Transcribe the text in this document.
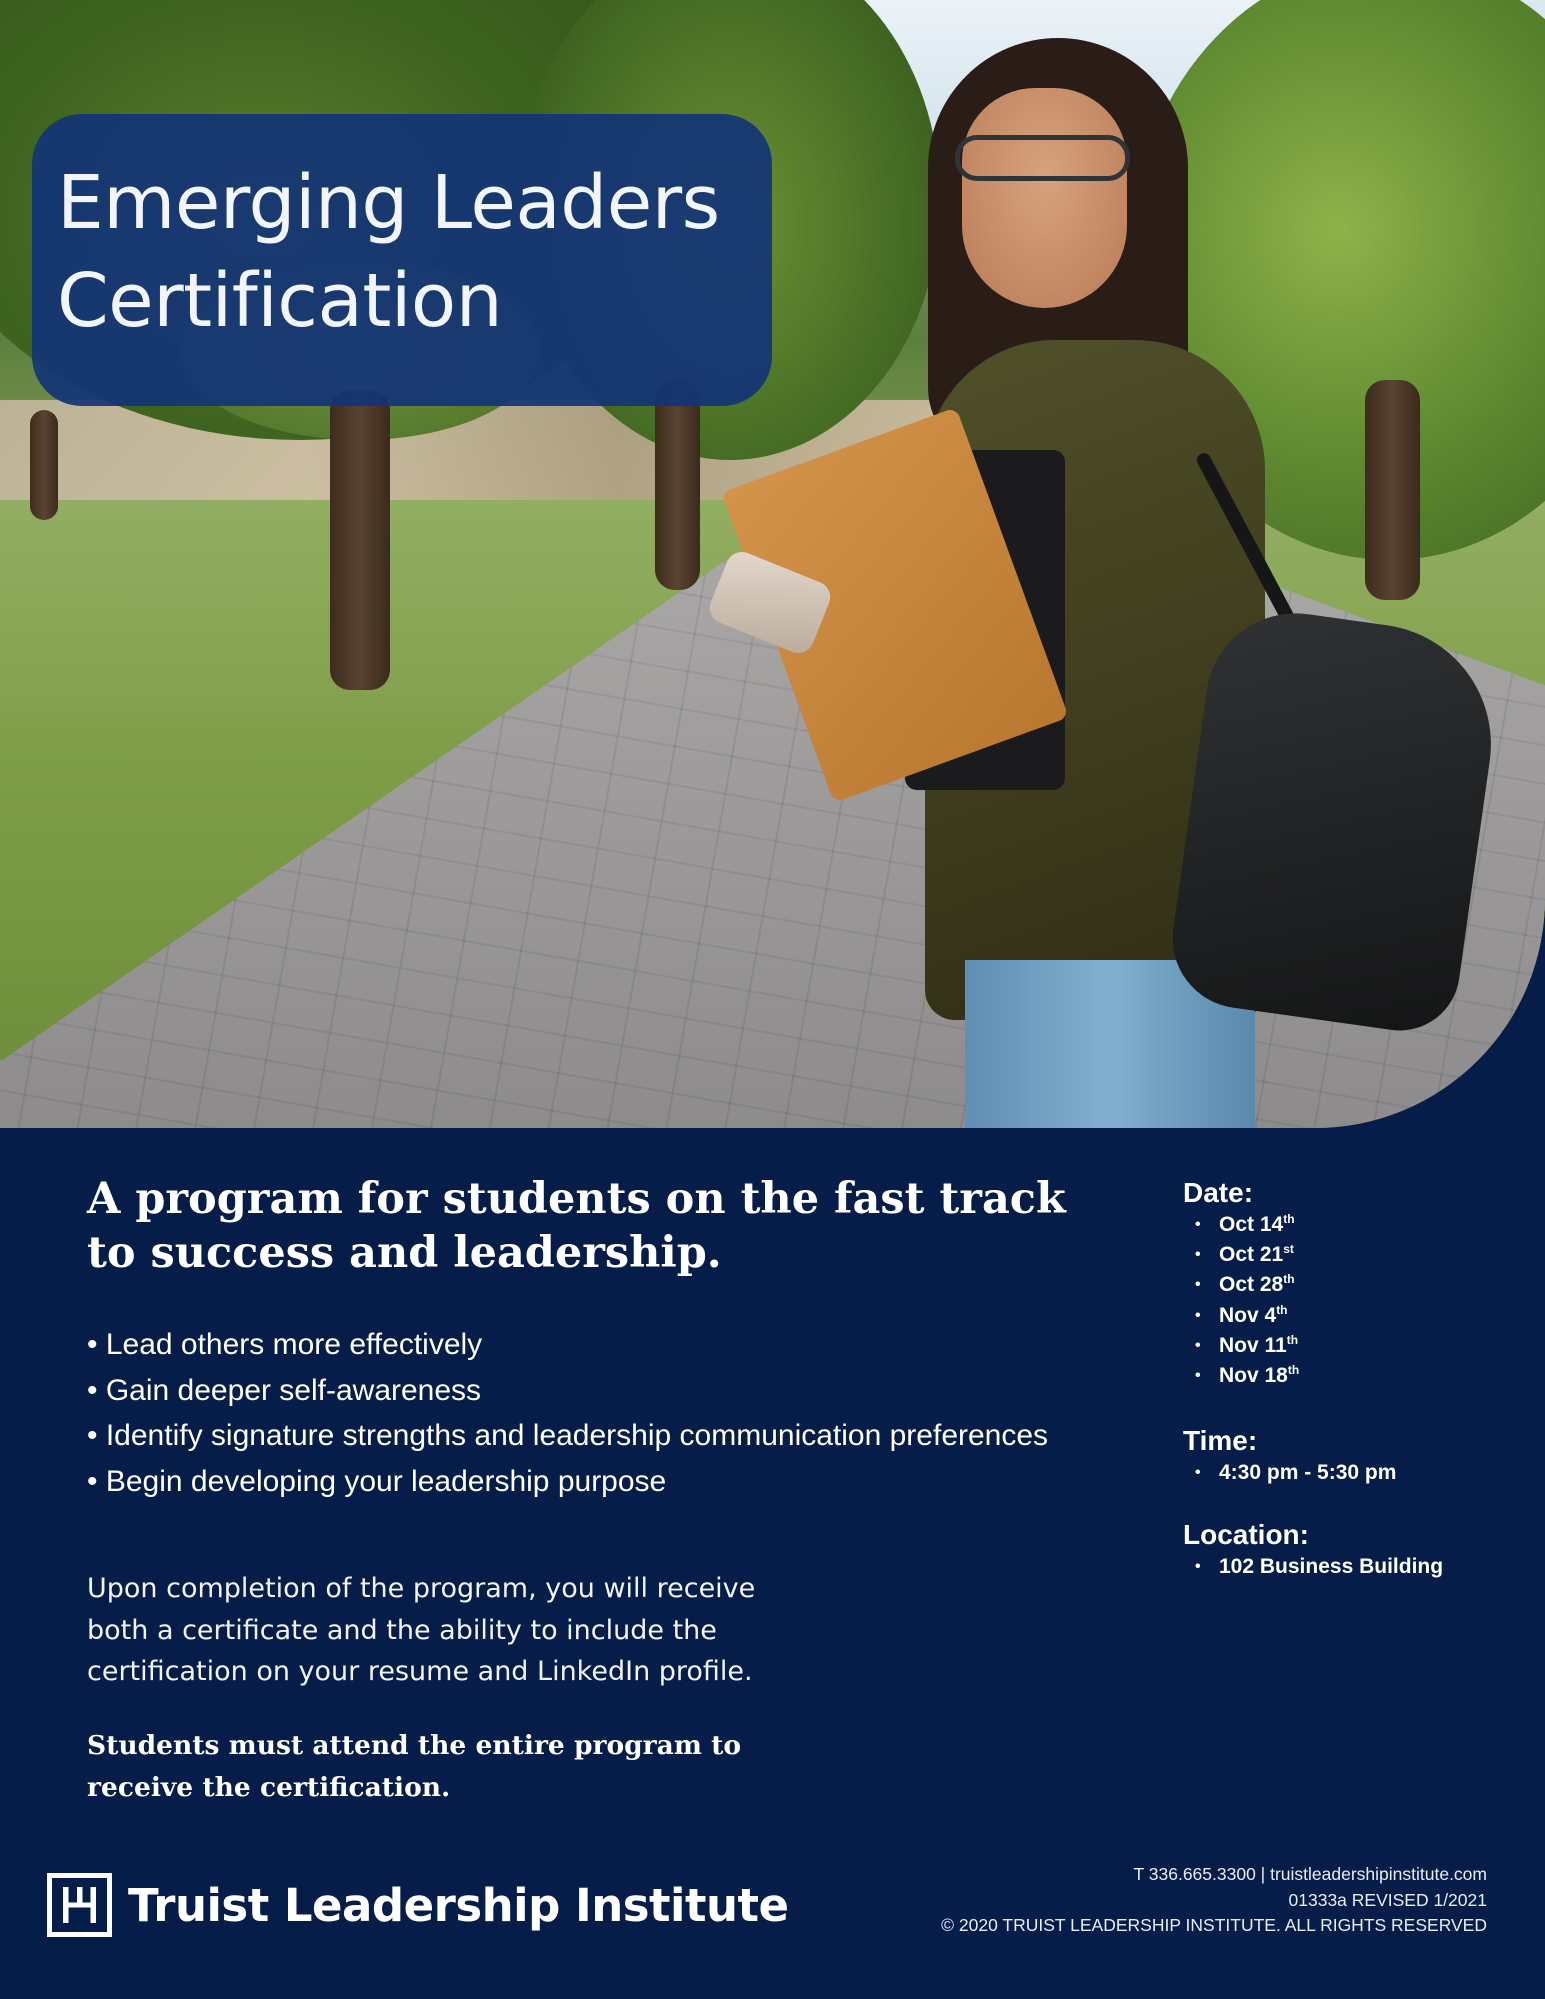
Emerging Leaders
Certification
A program for students on the fast track to success and leadership.
• Lead others more effectively
• Gain deeper self-awareness
• Identify signature strengths and leadership communication preferences
• Begin developing your leadership purpose

Upon completion of the program, you will receive both a certificate and the ability to include the certification on your resume and LinkedIn profile.

Students must attend the entire program to receive the certification.

Date:
• Oct 14th
• Oct 21st
• Oct 28th
• Nov 4th
• Nov 11th
• Nov 18th
Time:
• 4:30 pm - 5:30 pm
Location:
• 102 Business Building

Truist Leadership Institute

T 336.665.3300 | truistleadershipinstitute.com
01333a REVISED 1/2021
© 2020 TRUIST LEADERSHIP INSTITUTE. ALL RIGHTS RESERVED
